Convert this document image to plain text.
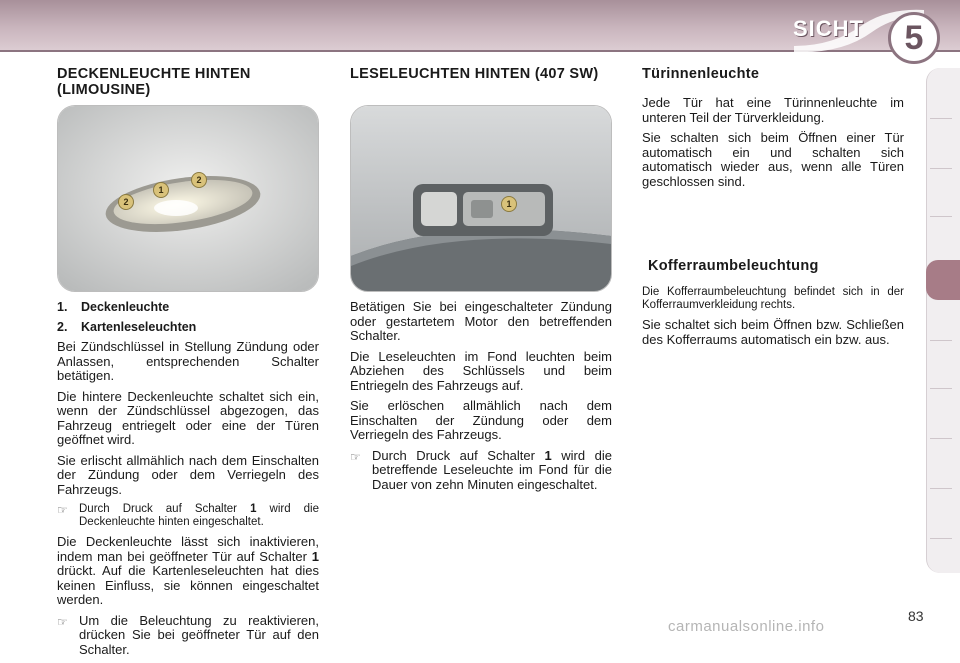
SICHT	5
DECKENLEUCHTE HINTEN (LIMOUSINE)
2
1
2
1. Deckenleuchte
2. Kartenleseleuchten

Bei Zündschlüssel in Stellung Zündung oder Anlassen, entsprechenden Schalter betätigen.

Die hintere Deckenleuchte schaltet sich ein, wenn der Zündschlüssel abgezogen, das Fahrzeug entriegelt oder eine der Türen geöffnet wird.

Sie erlischt allmählich nach dem Einschalten der Zündung oder dem Verriegeln des Fahrzeugs.

☞ Durch Druck auf Schalter 1 wird die Deckenleuchte hinten eingeschaltet.

Die Deckenleuchte lässt sich inaktivieren, indem man bei geöffneter Tür auf Schalter 1 drückt. Auf die Kartenleseleuchten hat dies keinen Einfluss, sie können eingeschaltet werden.

☞ Um die Beleuchtung zu reaktivieren, drücken Sie bei geöffneter Tür auf den Schalter.
LESELEUCHTEN HINTEN (407 SW)
1

Betätigen Sie bei eingeschalteter Zündung oder gestartetem Motor den betreffenden Schalter.

Die Leseleuchten im Fond leuchten beim Abziehen des Schlüssels und beim Entriegeln des Fahrzeugs auf.

Sie erlöschen allmählich nach dem Einschalten der Zündung oder dem Verriegeln des Fahrzeugs.

☞ Durch Druck auf Schalter 1 wird die betreffende Leseleuchte im Fond für die Dauer von zehn Minuten eingeschaltet.
Türinnenleuchte

Jede Tür hat eine Türinnenleuchte im unteren Teil der Türverkleidung.

Sie schalten sich beim Öffnen einer Tür automatisch ein und schalten sich automatisch wieder aus, wenn alle Türen geschlossen sind.

Kofferraumbeleuchtung

Die Kofferraumbeleuchtung befindet sich in der Kofferraumverkleidung rechts.

Sie schaltet sich beim Öffnen bzw. Schließen des Kofferraums automatisch ein bzw. aus.

83
carmanualsonline.info
